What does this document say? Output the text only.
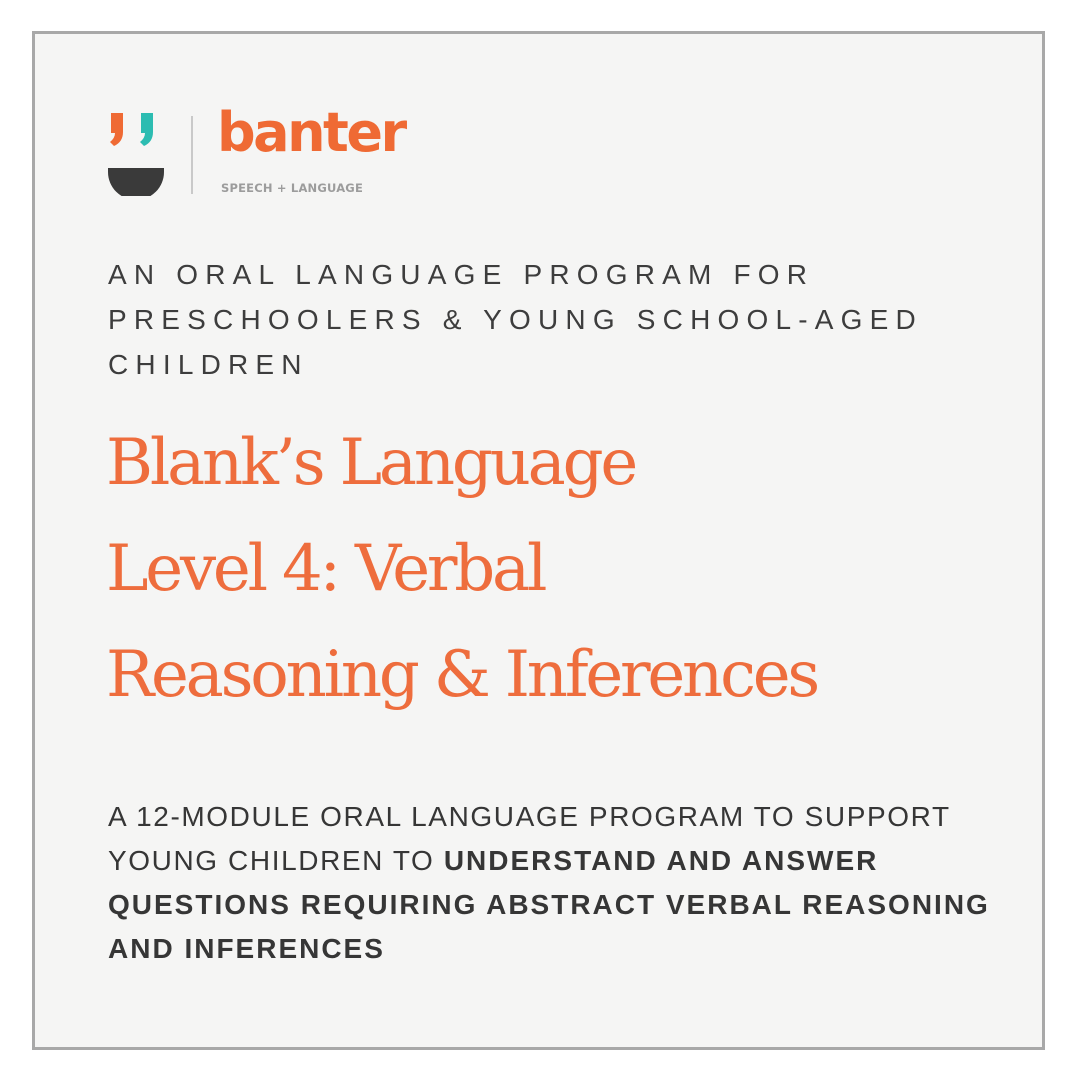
banter
SPEECH + LANGUAGE

AN ORAL LANGUAGE PROGRAM FOR PRESCHOOLERS & YOUNG SCHOOL-AGED CHILDREN

Blank’s Language
Level 4: Verbal
Reasoning & Inferences

A 12-MODULE ORAL LANGUAGE PROGRAM TO SUPPORT YOUNG CHILDREN TO UNDERSTAND AND ANSWER QUESTIONS REQUIRING ABSTRACT VERBAL REASONING AND INFERENCES
